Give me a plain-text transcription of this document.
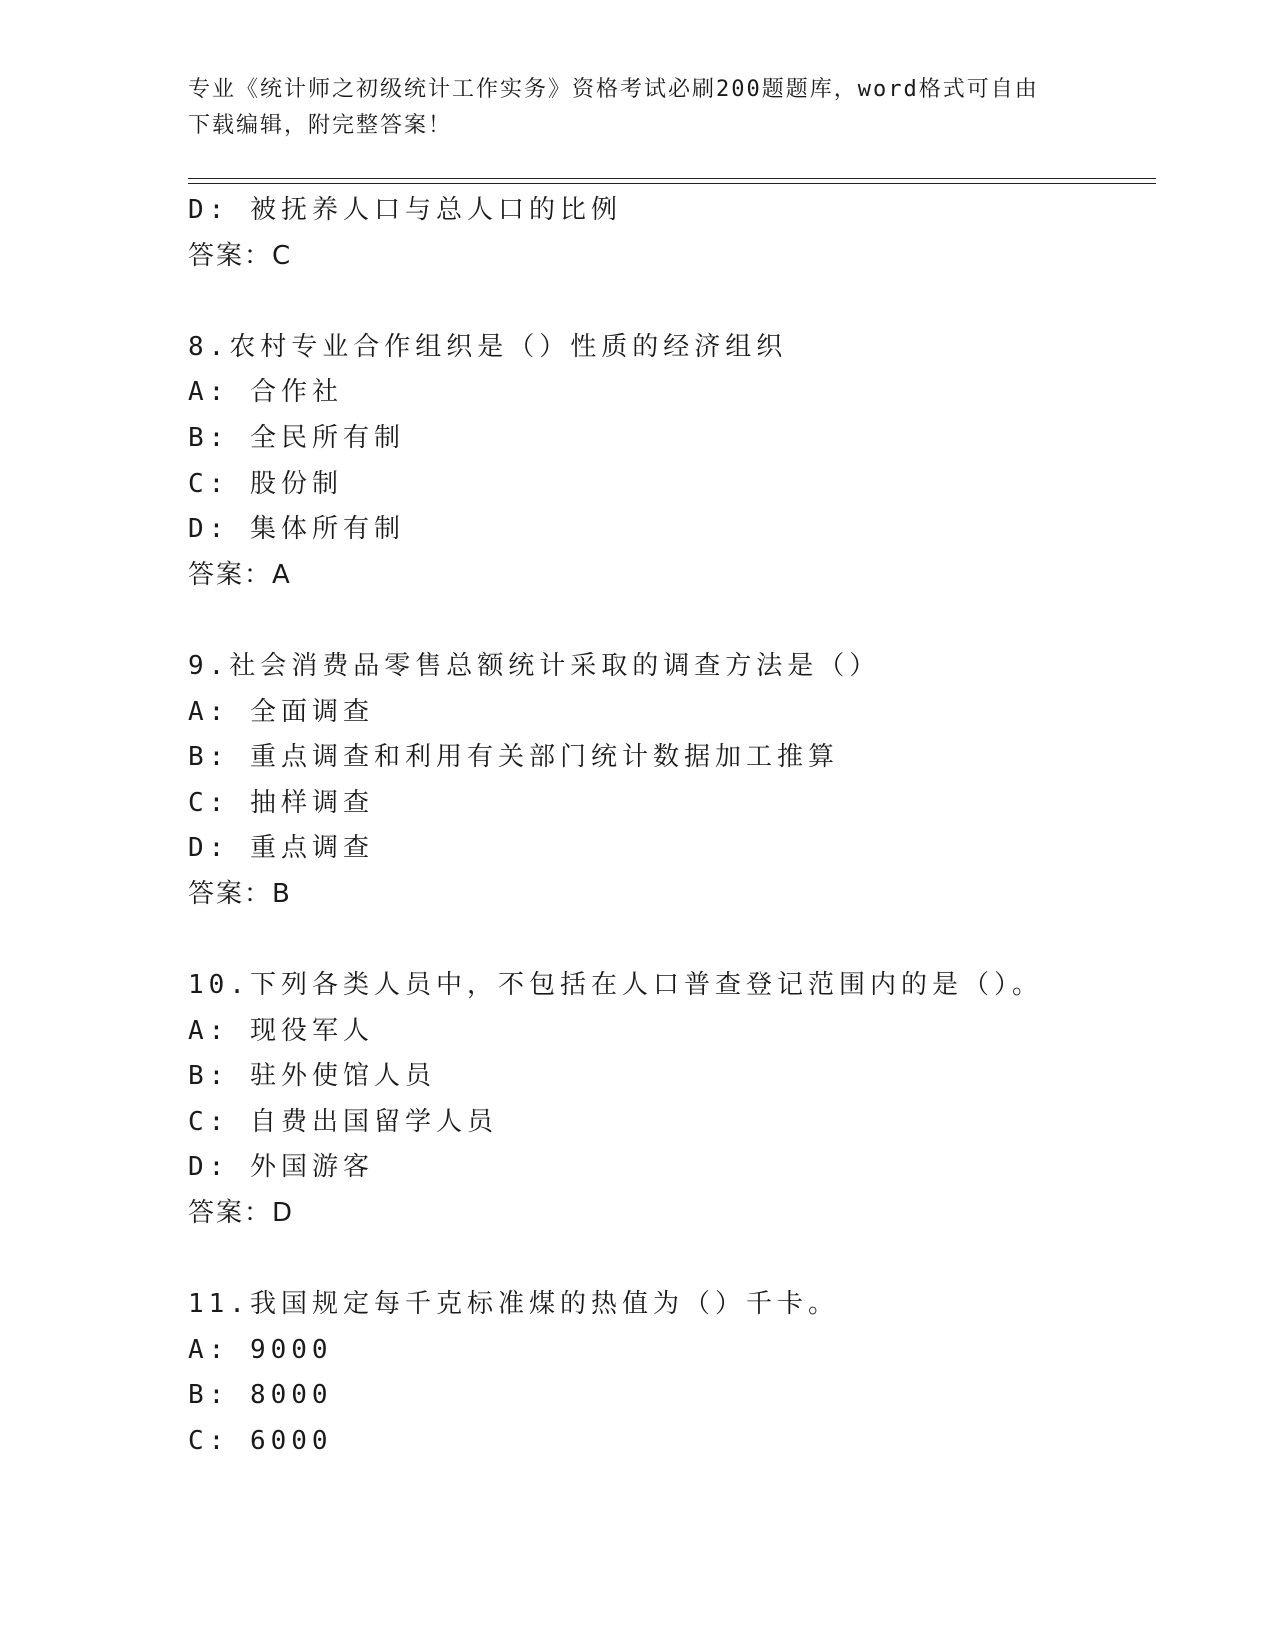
专业《统计师之初级统计工作实务》资格考试必刷200题题库，word格式可自由
下载编辑，附完整答案！
D: 被抚养人口与总人口的比例
答案：C
8.农村专业合作组织是（）性质的经济组织
A: 合作社
B: 全民所有制
C: 股份制
D: 集体所有制
答案：A
9.社会消费品零售总额统计采取的调查方法是（）
A: 全面调查
B: 重点调查和利用有关部门统计数据加工推算
C: 抽样调查
D: 重点调查
答案：B
10.下列各类人员中，不包括在人口普查登记范围内的是（）。
A: 现役军人
B: 驻外使馆人员
C: 自费出国留学人员
D: 外国游客
答案：D
11.我国规定每千克标准煤的热值为（）千卡。
A: 9000
B: 8000
C: 6000
